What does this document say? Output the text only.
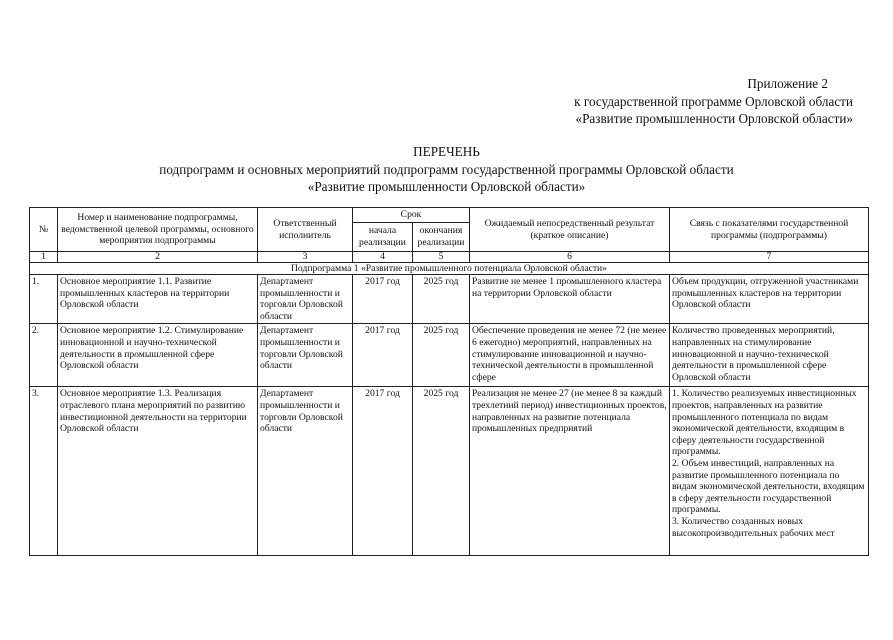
Приложение 2
к государственной программе Орловской области
«Развитие промышленности Орловской области»
ПЕРЕЧЕНЬ
подпрограмм и основных мероприятий подпрограмм государственной программы Орловской области
«Развитие промышленности Орловской области»
№	Номер и наименование подпрограммы, ведомственной целевой программы, основного мероприятия подпрограммы	Ответственный исполнитель	Срок		Ожидаемый непосредственный результат (краткое описание)	Связь с показателями государственной программы (подпрограммы)
			начала реализации	окончания реализации		
1	2	3	4	5	6	7
Подпрограмма 1 «Развитие промышленного потенциала Орловской области»						
1.	Основное мероприятие 1.1. Развитие промышленных кластеров на территории Орловской области	Департамент промышленности и торговли Орловской области	2017 год	2025 год	Развитие не менее 1 промышленного кластера на территории Орловской области	Объем продукции, отгруженной участниками промышленных кластеров на территории Орловской области
2.	Основное мероприятие 1.2. Стимулирование инновационной и научно-технической деятельности в промышленной сфере Орловской области	Департамент промышленности и торговли Орловской области	2017 год	2025 год	Обеспечение проведения не менее 72 (не менее 6 ежегодно) мероприятий, направленных на стимулирование инновационной и научно-технической деятельности в промышленной сфере	Количество проведенных мероприятий, направленных на стимулирование инновационной и научно-технической деятельности в промышленной сфере Орловской области
3.	Основное мероприятие 1.3. Реализация отраслевого плана мероприятий по развитию инвестиционной деятельности на территории Орловской области	Департамент промышленности и торговли Орловской области	2017 год	2025 год	Реализация не менее 27 (не менее 8 за каждый трехлетний период) инвестиционных проектов, направленных на развитие потенциала промышленных предприятий	1. Количество реализуемых инвестиционных проектов, направленных на развитие промышленного потенциала по видам экономической деятельности, входящим в сферу деятельности государственной программы.
2. Объем инвестиций, направленных на развитие промышленного потенциала по видам экономической деятельности, входящим в сферу деятельности государственной программы.
3. Количество созданных новых высокопроизводительных рабочих мест
